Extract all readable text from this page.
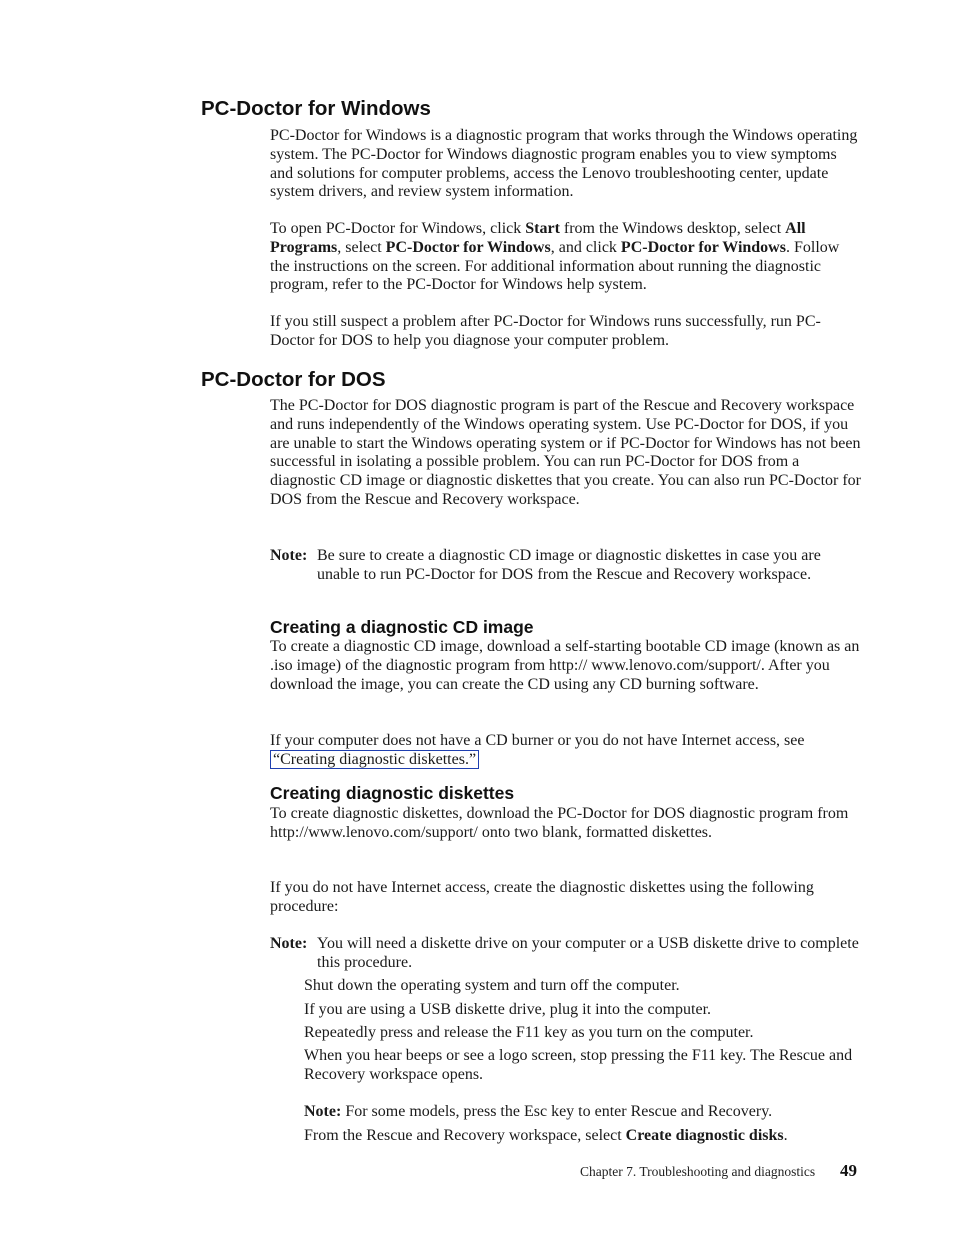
PC-Doctor for Windows

PC-Doctor for Windows is a diagnostic program that works through the Windows operating system. The PC-Doctor for Windows diagnostic program enables you to view symptoms and solutions for computer problems, access the Lenovo troubleshooting center, update system drivers, and review system information.

To open PC-Doctor for Windows, click Start from the Windows desktop, select All Programs, select PC-Doctor for Windows, and click PC-Doctor for Windows. Follow the instructions on the screen. For additional information about running the diagnostic program, refer to the PC-Doctor for Windows help system.

If you still suspect a problem after PC-Doctor for Windows runs successfully, run PC-Doctor for DOS to help you diagnose your computer problem.

PC-Doctor for DOS

The PC-Doctor for DOS diagnostic program is part of the Rescue and Recovery workspace and runs independently of the Windows operating system. Use PC-Doctor for DOS, if you are unable to start the Windows operating system or if PC-Doctor for Windows has not been successful in isolating a possible problem. You can run PC-Doctor for DOS from a diagnostic CD image or diagnostic diskettes that you create. You can also run PC-Doctor for DOS from the Rescue and Recovery workspace.

Note: Be sure to create a diagnostic CD image or diagnostic diskettes in case you are unable to run PC-Doctor for DOS from the Rescue and Recovery workspace.
Creating a diagnostic CD image

To create a diagnostic CD image, download a self-starting bootable CD image (known as an .iso image) of the diagnostic program from http:// www.lenovo.com/support/. After you download the image, you can create the CD using any CD burning software.

If your computer does not have a CD burner or you do not have Internet access, see “Creating diagnostic diskettes.”

Creating diagnostic diskettes

To create diagnostic diskettes, download the PC-Doctor for DOS diagnostic program from http://www.lenovo.com/support/ onto two blank, formatted diskettes.

If you do not have Internet access, create the diagnostic diskettes using the following procedure:

Note: You will need a diskette drive on your computer or a USB diskette drive to complete this procedure.

Shut down the operating system and turn off the computer.

If you are using a USB diskette drive, plug it into the computer.

Repeatedly press and release the F11 key as you turn on the computer.

When you hear beeps or see a logo screen, stop pressing the F11 key. The Rescue and Recovery workspace opens.

Note: For some models, press the Esc key to enter Rescue and Recovery.

From the Rescue and Recovery workspace, select Create diagnostic disks.

Chapter 7. Troubleshooting and diagnostics 49
